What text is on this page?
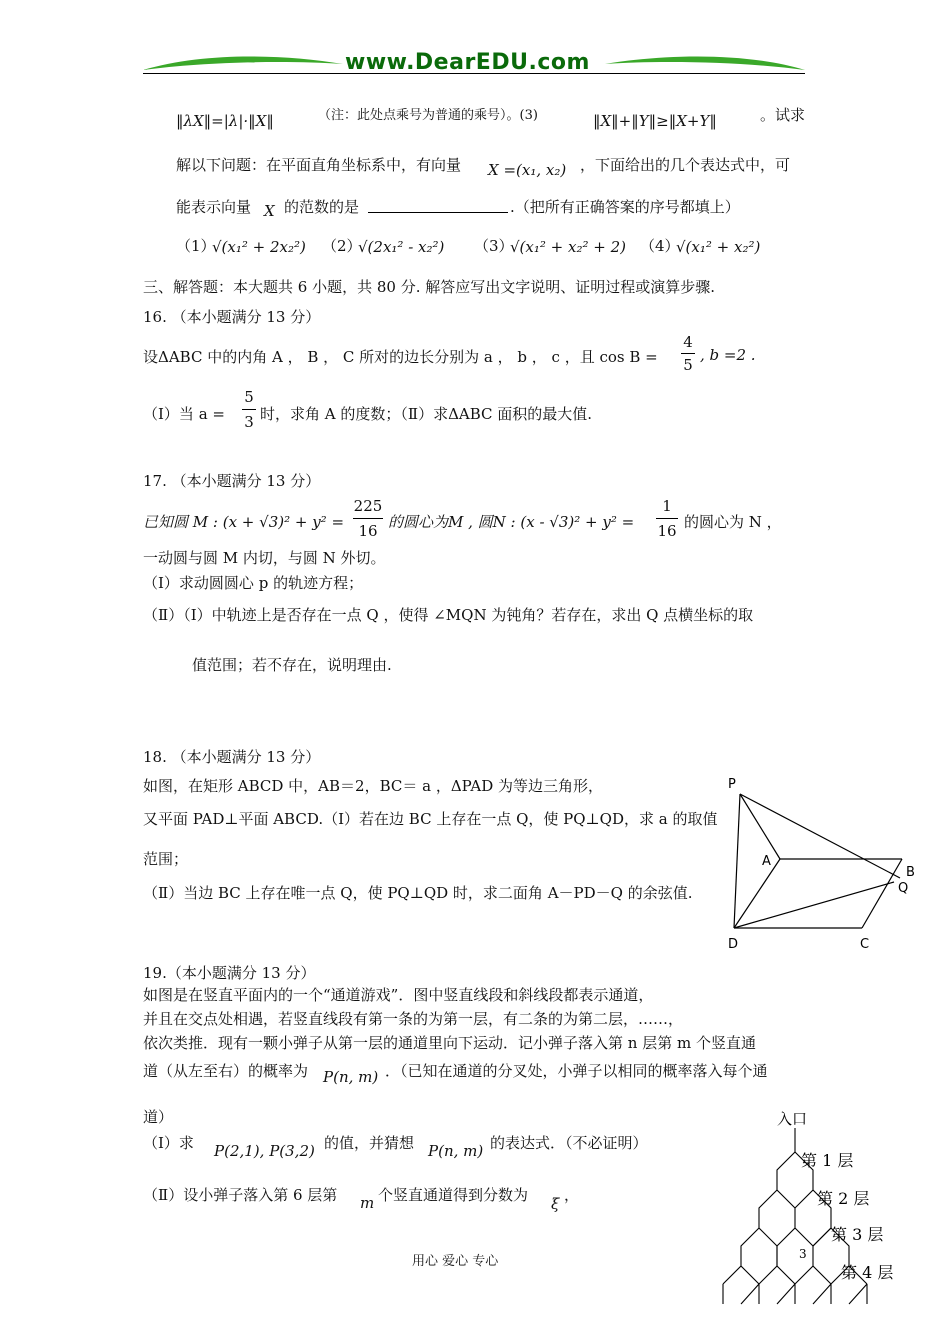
www.DearEDU.com
‖λX‖=|λ|·‖X‖	（注：此处点乘号为普通的乘号）。(3)	‖X‖+‖Y‖≥‖X+Y‖	。试求
解以下问题：在平面直角坐标系中，有向量 X =(x₁, x₂) ，下面给出的几个表达式中，可
能表示向量 X 的范数的是	.（把所有正确答案的序号都填上）
（1）
√(x₁² + 2x₂²) （2）
√(2x₁² - x₂²) （3）
√(x₁² + x₂² + 2) （4）
√(x₁² + x₂²)
三、解答题：本大题共 6 小题，共 80 分. 解答应写出文字说明、证明过程或演算步骤.
16. （本小题满分 13 分）
设ΔABC 中的内角 A ， B ， C 所对的边长分别为 a ， b ， c ，且 cos B =
4
5
, b =2 .
（Ⅰ）当 a =
5
3 时，求角 A 的度数；（Ⅱ）求ΔABC 面积的最大值.
17. （本小题满分 13 分）
已知圆 M : (x + √3)² + y² =
225
16 的圆心为M , 圆N : (x - √3)² + y² =
1
16 的圆心为 N ，
一动圆与圆 M 内切，与圆 N 外切。
（Ⅰ）求动圆圆心 p 的轨迹方程；
（Ⅱ）（Ⅰ）中轨迹上是否存在一点 Q ，使得 ∠MQN 为钝角？若存在，求出 Q 点横坐标的取
值范围；若不存在，说明理由.
18. （本小题满分 13 分）
如图，在矩形 ABCD 中，AB＝2，BC＝ a ，ΔPAD 为等边三角形，
又平面 PAD⊥平面 ABCD.（Ⅰ）若在边 BC 上存在一点 Q，使 PQ⊥QD，求 a 的取值
范围；
（Ⅱ）当边 BC 上存在唯一点 Q，使 PQ⊥QD 时，求二面角 A－PD－Q 的余弦值.
P
A
B
Q
D	C
19.（本小题满分 13 分）
如图是在竖直平面内的一个“通道游戏”．图中竖直线段和斜线段都表示通道，
并且在交点处相遇，若竖直线段有第一条的为第一层，有二条的为第二层，……，
依次类推．现有一颗小弹子从第一层的通道里向下运动．记小弹子落入第 n 层第 m 个竖直通
道（从左至右）的概率为 P(n, m) ．（已知在通道的分叉处，小弹子以相同的概率落入每个通
道）
（Ⅰ）求 P(2,1), P(3,2) 的值，并猜想 P(n, m) 的表达式．（不必证明）
（Ⅱ）设小弹子落入第 6 层第 m 个竖直通道得到分数为 ξ ，
入口
第 1 层
第 2 层
第 3 层
第 4 层
3
用心 爱心 专心
